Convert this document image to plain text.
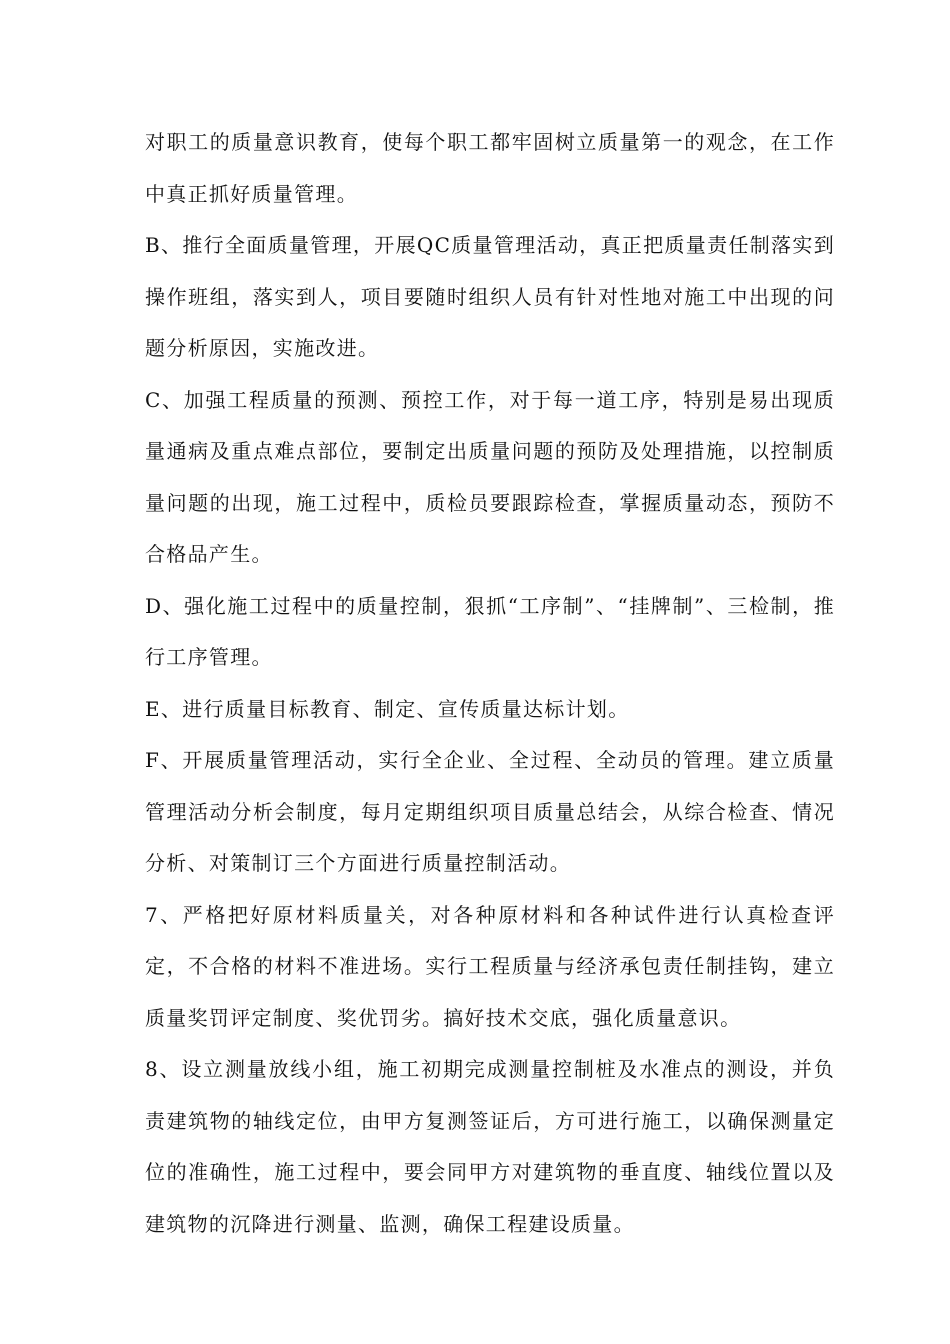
对职工的质量意识教育，使每个职工都牢固树立质量第一的观念，在工作中真正抓好质量管理。

B、推行全面质量管理，开展QC质量管理活动，真正把质量责任制落实到操作班组，落实到人，项目要随时组织人员有针对性地对施工中出现的问题分析原因，实施改进。

C、加强工程质量的预测、预控工作，对于每一道工序，特别是易出现质量通病及重点难点部位，要制定出质量问题的预防及处理措施，以控制质量问题的出现，施工过程中，质检员要跟踪检查，掌握质量动态，预防不合格品产生。

D、强化施工过程中的质量控制，狠抓“工序制”、“挂牌制”、三检制，推行工序管理。

E、进行质量目标教育、制定、宣传质量达标计划。

F、开展质量管理活动，实行全企业、全过程、全动员的管理。建立质量管理活动分析会制度，每月定期组织项目质量总结会，从综合检查、情况分析、对策制订三个方面进行质量控制活动。

7、严格把好原材料质量关，对各种原材料和各种试件进行认真检查评定，不合格的材料不准进场。实行工程质量与经济承包责任制挂钩，建立质量奖罚评定制度、奖优罚劣。搞好技术交底，强化质量意识。

8、设立测量放线小组，施工初期完成测量控制桩及水准点的测设，并负责建筑物的轴线定位，由甲方复测签证后，方可进行施工，以确保测量定位的准确性，施工过程中，要会同甲方对建筑物的垂直度、轴线位置以及建筑物的沉降进行测量、监测，确保工程建设质量。
